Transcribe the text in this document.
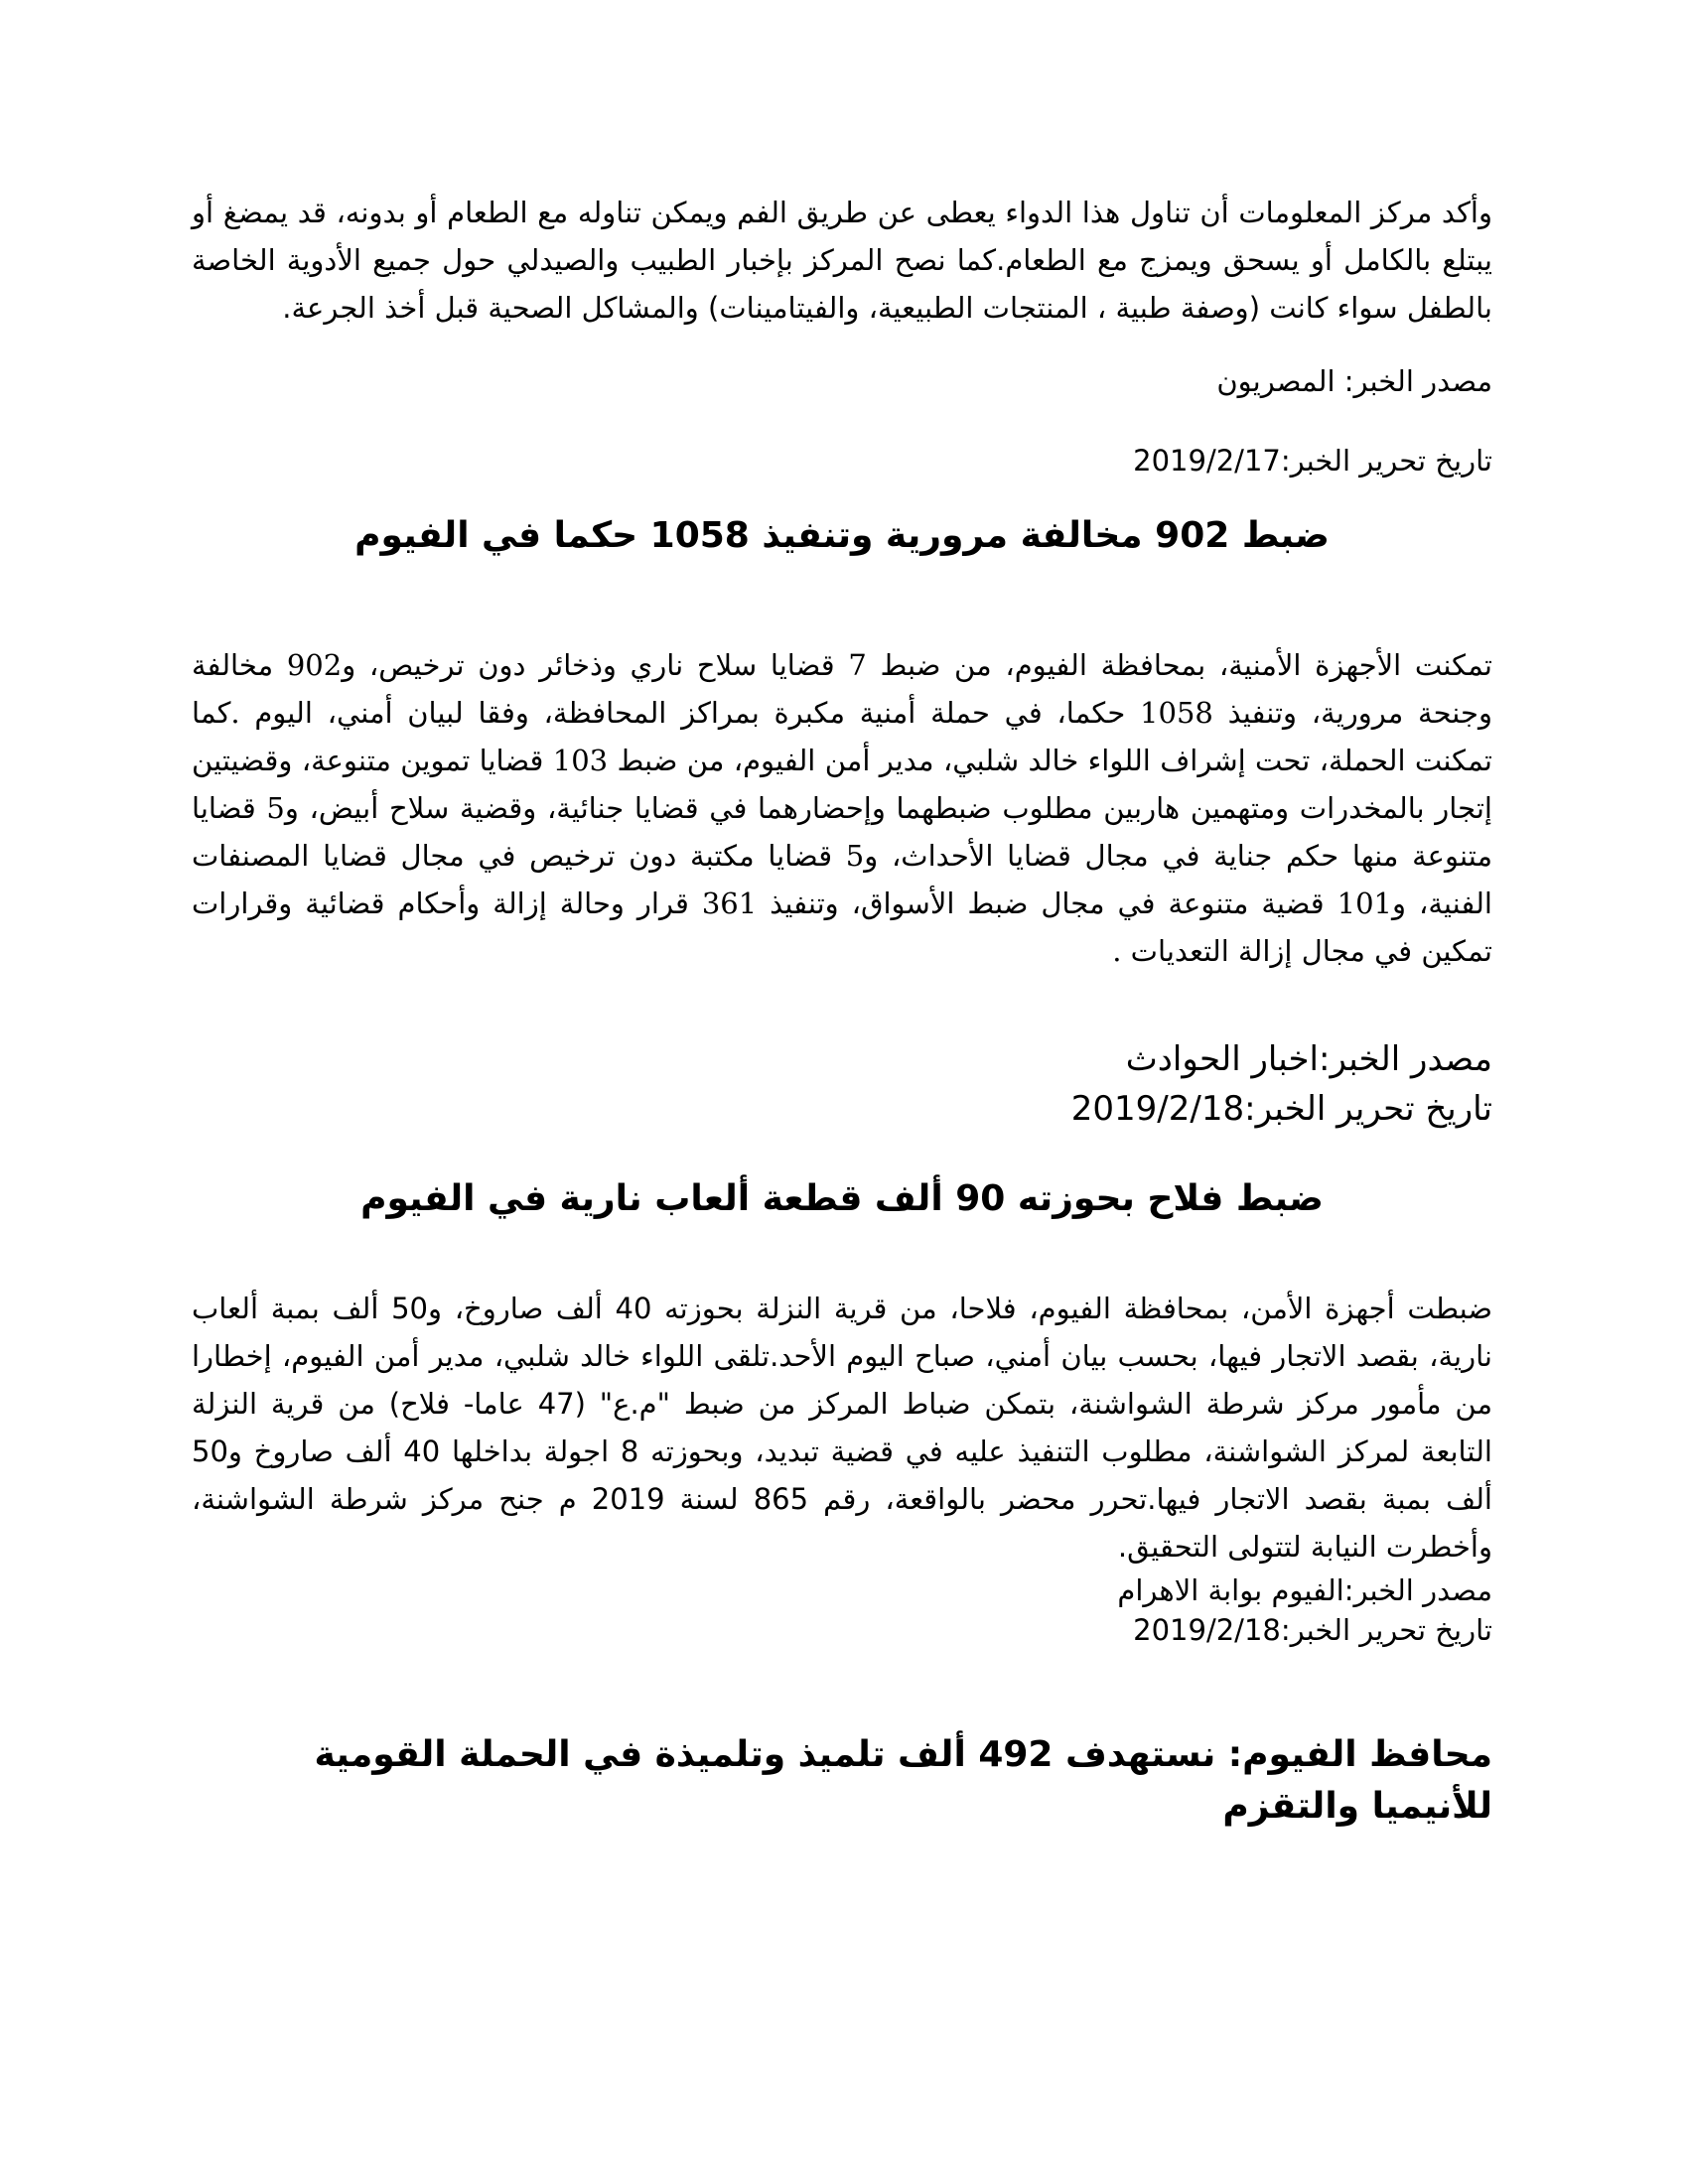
وأكد مركز المعلومات أن تناول هذا الدواء يعطى عن طريق الفم ويمكن تناوله مع الطعام أو بدونه، قد يمضغ أو يبتلع بالكامل أو يسحق ويمزج مع الطعام.كما نصح المركز بإخبار الطبيب والصيدلي حول جميع الأدوية الخاصة بالطفل سواء كانت (وصفة طبية ، المنتجات الطبيعية، والفيتامينات) والمشاكل الصحية قبل أخذ الجرعة.

مصدر الخبر: المصريون

تاريخ تحرير الخبر:2019/2/17

ضبط 902 مخالفة مرورية وتنفيذ 1058 حكما في الفيوم

تمكنت الأجهزة الأمنية، بمحافظة الفيوم، من ضبط 7 قضايا سلاح ناري وذخائر دون ترخيص، و902 مخالفة وجنحة مرورية، وتنفيذ 1058 حكما، في حملة أمنية مكبرة بمراكز المحافظة، وفقا لبيان أمني، اليوم .كما تمكنت الحملة، تحت إشراف اللواء خالد شلبي، مدير أمن الفيوم، من ضبط 103 قضايا تموين متنوعة، وقضيتين إتجار بالمخدرات ومتهمين هاربين مطلوب ضبطهما وإحضارهما في قضايا جنائية، وقضية سلاح أبيض، و5 قضايا متنوعة منها حكم جناية في مجال قضايا الأحداث، و5 قضايا مكتبة دون ترخيص في مجال قضايا المصنفات الفنية، و101 قضية متنوعة في مجال ضبط الأسواق، وتنفيذ 361 قرار وحالة إزالة وأحكام قضائية وقرارات تمكين في مجال إزالة التعديات .

مصدر الخبر:اخبار الحوادث

تاريخ تحرير الخبر:2019/2/18

ضبط فلاح بحوزته 90 ألف قطعة ألعاب نارية في الفيوم

ضبطت أجهزة الأمن، بمحافظة الفيوم، فلاحا، من قرية النزلة بحوزته 40 ألف صاروخ، و50 ألف بمبة ألعاب نارية، بقصد الاتجار فيها، بحسب بيان أمني، صباح اليوم الأحد.تلقى اللواء خالد شلبي، مدير أمن الفيوم، إخطارا من مأمور مركز شرطة الشواشنة، بتمكن ضباط المركز من ضبط "م.ع" (47 عاما- فلاح) من قرية النزلة التابعة لمركز الشواشنة، مطلوب التنفيذ عليه في قضية تبديد، وبحوزته 8 اجولة بداخلها 40 ألف صاروخ و50 ألف بمبة بقصد الاتجار فيها.تحرر محضر بالواقعة، رقم 865 لسنة 2019 م جنح مركز شرطة الشواشنة، وأخطرت النيابة لتتولى التحقيق.

مصدر الخبر:الفيوم بوابة الاهرام

تاريخ تحرير الخبر:2019/2/18

محافظ الفيوم: نستهدف 492 ألف تلميذ وتلميذة في الحملة القومية للأنيميا والتقزم
